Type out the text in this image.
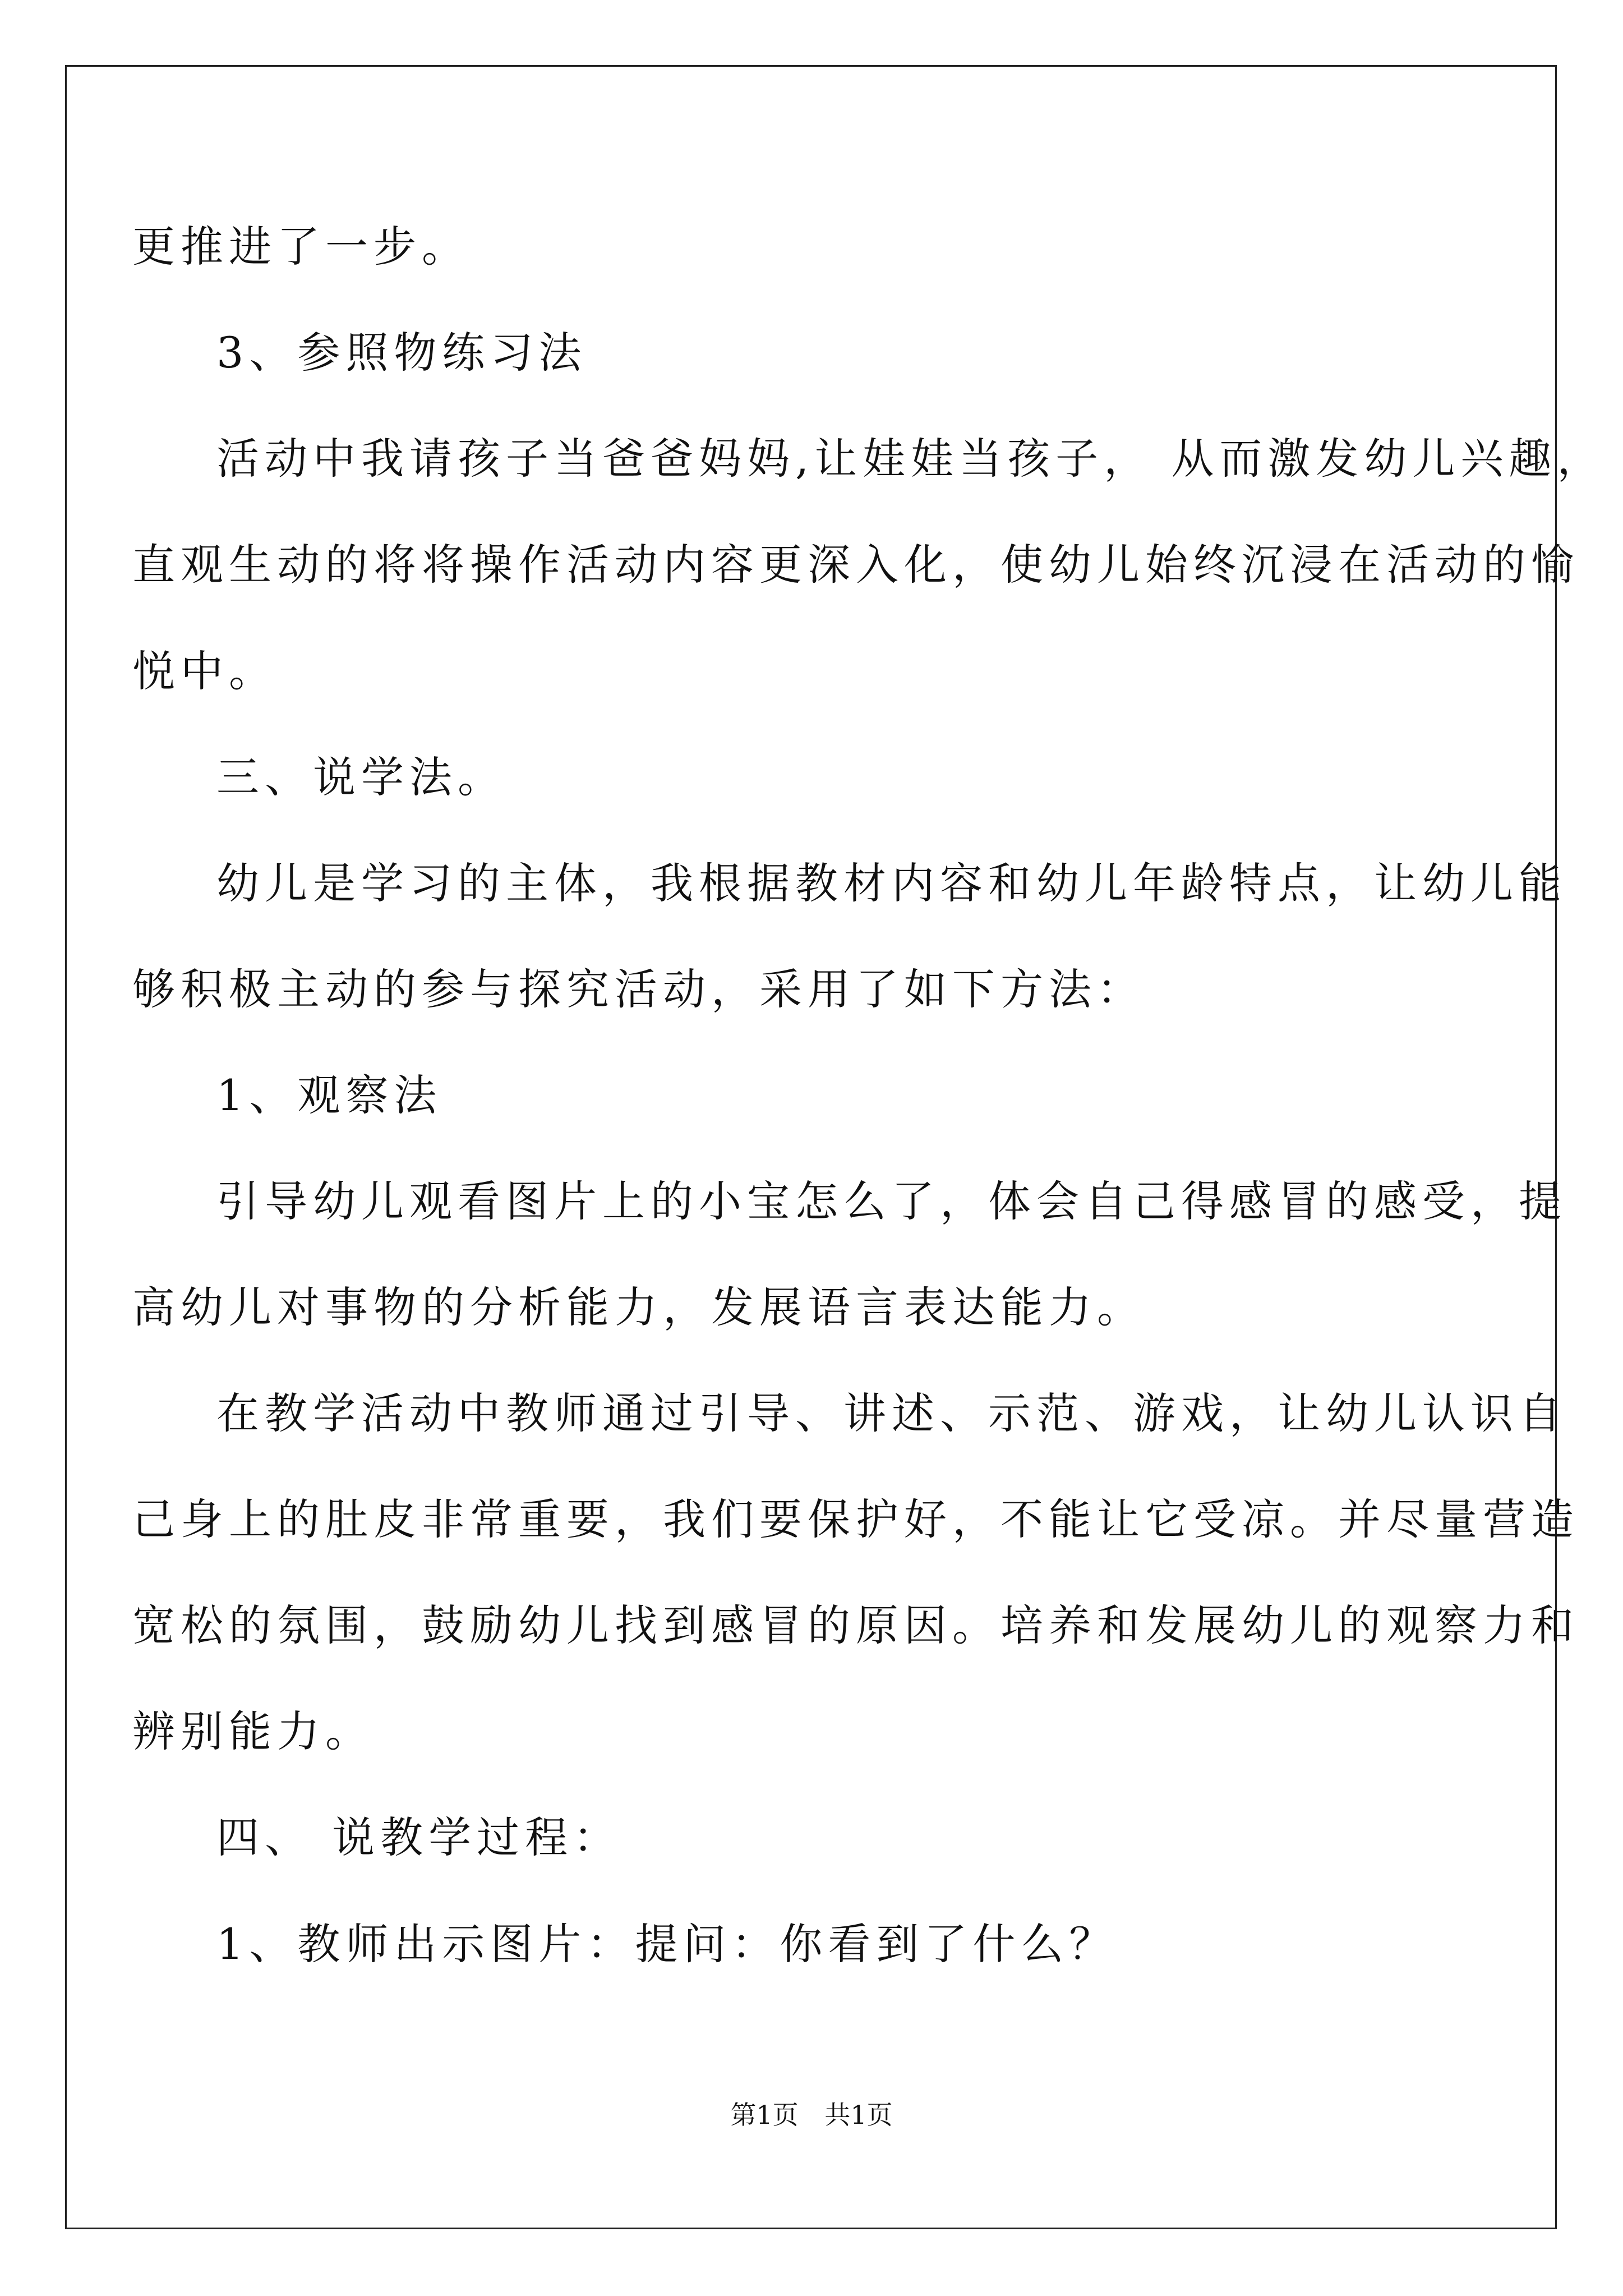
更推进了一步。
3、参照物练习法
活动中我请孩子当爸爸妈妈,让娃娃当孩子， 从而激发幼儿兴趣，
直观生动的将将操作活动内容更深入化，使幼儿始终沉浸在活动的愉
悦中。
三、说学法。
幼儿是学习的主体，我根据教材内容和幼儿年龄特点，让幼儿能
够积极主动的参与探究活动，采用了如下方法：
1、观察法
引导幼儿观看图片上的小宝怎么了，体会自己得感冒的感受，提
高幼儿对事物的分析能力，发展语言表达能力。
在教学活动中教师通过引导、讲述、示范、游戏，让幼儿认识自
己身上的肚皮非常重要，我们要保护好，不能让它受凉。并尽量营造
宽松的氛围，鼓励幼儿找到感冒的原因。培养和发展幼儿的观察力和
辨别能力。
四、 说教学过程：
1、教师出示图片：提问：你看到了什么？
第1页 共1页
